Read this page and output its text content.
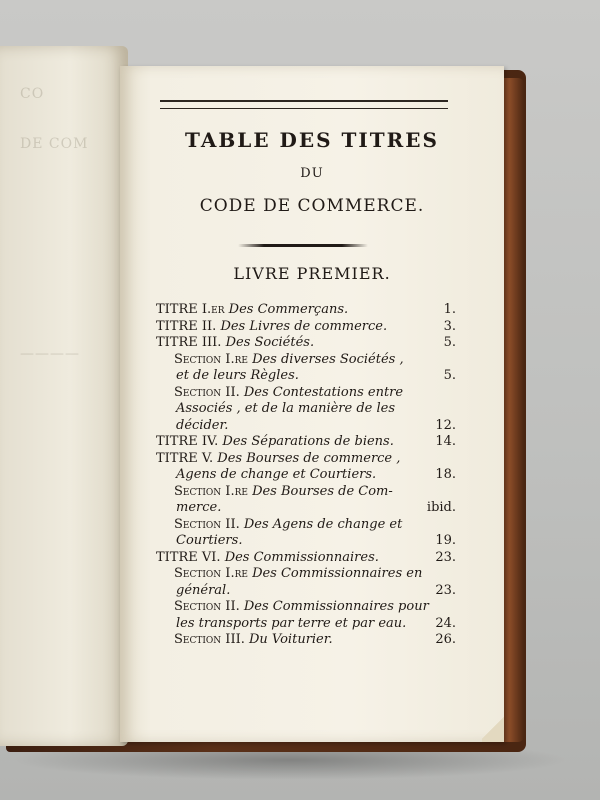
CO
DE COM
————
TABLE DES TITRES
DU
CODE DE COMMERCE.
LIVRE PREMIER.
TITRE I.er Des Commerçans.	1.
TITRE II. Des Livres de commerce.	3.
TITRE III. Des Sociétés.	5.
Section I.re Des diverses Sociétés ,
et de leurs Règles.	5.
Section II. Des Contestations entre
Associés , et de la manière de les
décider.	12.
TITRE IV. Des Séparations de biens.	14.
TITRE V. Des Bourses de commerce ,
Agens de change et Courtiers.	18.
Section I.re Des Bourses de Com-
merce.	ibid.
Section II. Des Agens de change et
Courtiers.	19.
TITRE VI. Des Commissionnaires.	23.
Section I.re Des Commissionnaires en
général.	23.
Section II. Des Commissionnaires pour
les transports par terre et par eau. 24.
Section III. Du Voiturier.	26.
